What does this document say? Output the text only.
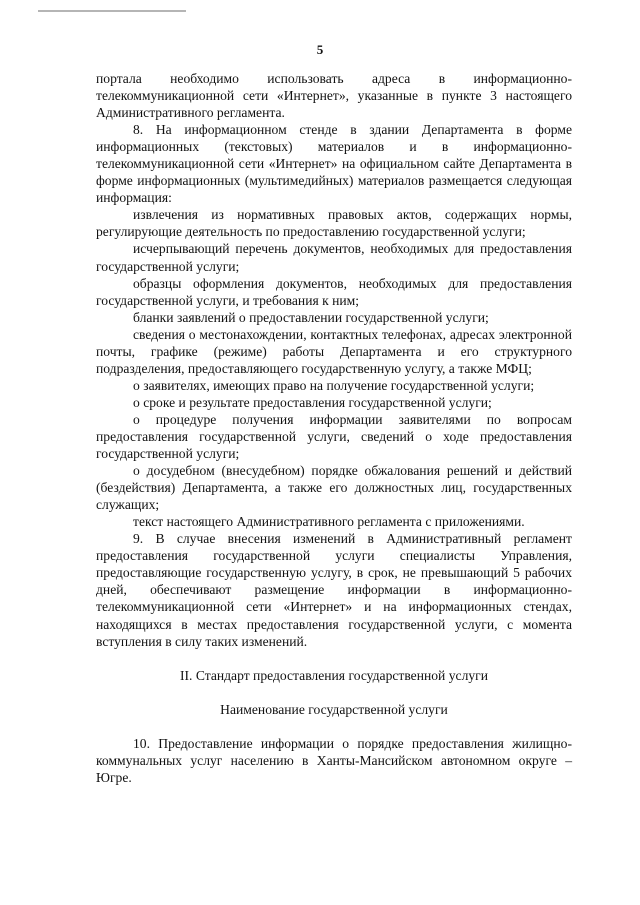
5

портала необходимо использовать адреса в информационно-телекоммуникационной сети «Интернет», указанные в пункте 3 настоящего Административного регламента.

8. На информационном стенде в здании Департамента в форме информационных (текстовых) материалов и в информационно-телекоммуникационной сети «Интернет» на официальном сайте Департамента в форме информационных (мультимедийных) материалов размещается следующая информация:

извлечения из нормативных правовых актов, содержащих нормы, регулирующие деятельность по предоставлению государственной услуги;

исчерпывающий перечень документов, необходимых для предоставления государственной услуги;

образцы оформления документов, необходимых для предоставления государственной услуги, и требования к ним;

бланки заявлений о предоставлении государственной услуги;

сведения о местонахождении, контактных телефонах, адресах электронной почты, графике (режиме) работы Департамента и его структурного подразделения, предоставляющего государственную услугу, а также МФЦ;

о заявителях, имеющих право на получение государственной услуги;

о сроке и результате предоставления государственной услуги;

о процедуре получения информации заявителями по вопросам предоставления государственной услуги, сведений о ходе предоставления государственной услуги;

о досудебном (внесудебном) порядке обжалования решений и действий (бездействия) Департамента, а также его должностных лиц, государственных служащих;

текст настоящего Административного регламента с приложениями.

9. В случае внесения изменений в Административный регламент предоставления государственной услуги специалисты Управления, предоставляющие государственную услугу, в срок, не превышающий 5 рабочих дней, обеспечивают размещение информации в информационно-телекоммуникационной сети «Интернет» и на информационных стендах, находящихся в местах предоставления государственной услуги, с момента вступления в силу таких изменений.

II. Стандарт предоставления государственной услуги

Наименование государственной услуги

10. Предоставление информации о порядке предоставления жилищно-коммунальных услуг населению в Ханты-Мансийском автономном округе – Югре.
